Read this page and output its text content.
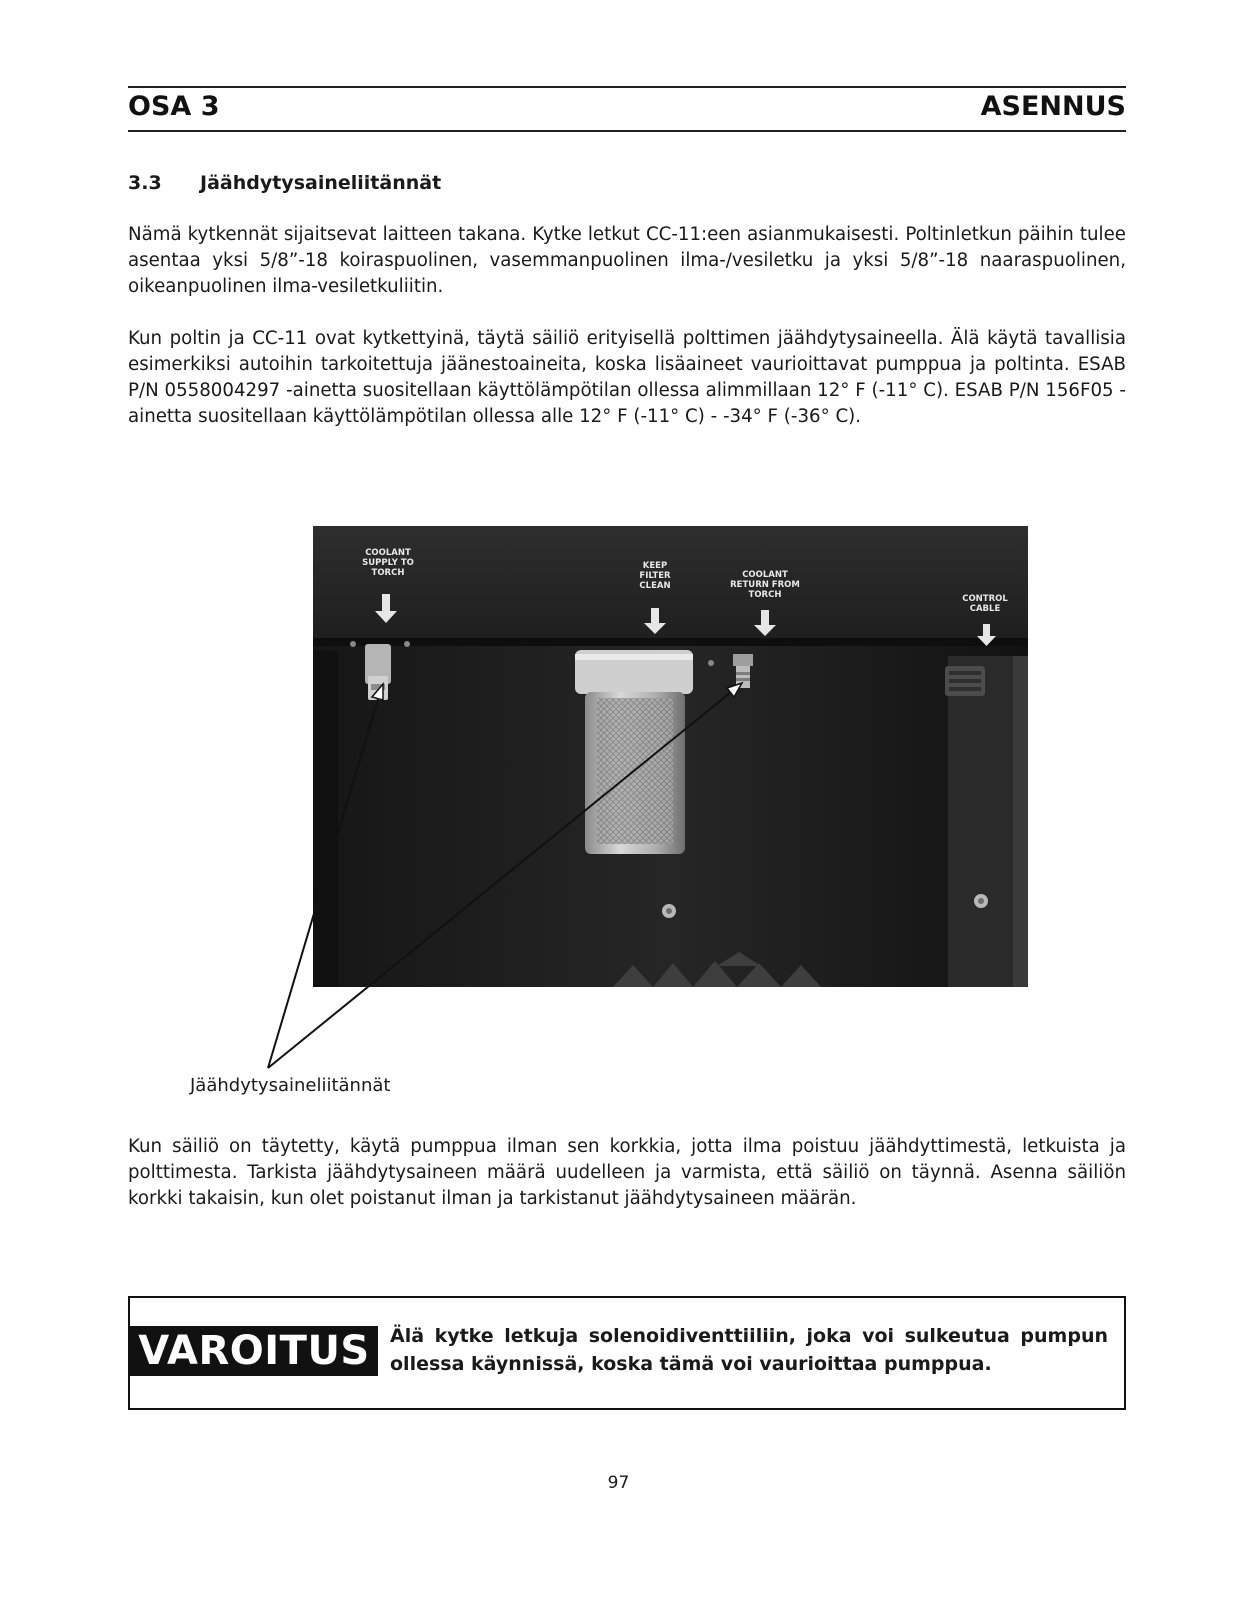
OSA 3	ASENNUS
3.3 Jäähdytysaineliitännät

Nämä kytkennät sijaitsevat laitteen takana. Kytke letkut CC-11:een asianmukaisesti. Poltinletkun päihin tulee asentaa yksi 5/8”-18 koiraspuolinen, vasemmanpuolinen ilma-/vesiletku ja yksi 5/8”-18 naaraspuolinen, oikeanpuolinen ilma-vesiletkuliitin.

Kun poltin ja CC-11 ovat kytkettyinä, täytä säiliö erityisellä polttimen jäähdytysaineella. Älä käytä tavallisia esimerkiksi autoihin tarkoitettuja jäänestoaineita, koska lisäaineet vaurioittavat pumppua ja poltinta. ESAB P/N 0558004297 -ainetta suositellaan käyttölämpötilan ollessa alimmillaan 12° F (-11° C). ESAB P/N 156F05 -ainetta suositellaan käyttölämpötilan ollessa alle 12° F (-11° C) - -34° F (-36° C).

COOLANT
SUPPLY TO
TORCH
KEEP
FILTER
CLEAN
COOLANT
RETURN FROM
TORCH	CONTROL
CABLE
Jäähdytysaineliitännät

Kun säiliö on täytetty, käytä pumppua ilman sen korkkia, jotta ilma poistuu jäähdyttimestä, letkuista ja polttimesta. Tarkista jäähdytysaineen määrä uudelleen ja varmista, että säiliö on täynnä. Asenna säiliön korkki takaisin, kun olet poistanut ilman ja tarkistanut jäähdytysaineen määrän.

VAROITUS	Älä kytke letkuja solenoidiventtiiliin, joka voi sulkeutua pumpun ollessa käynnissä, koska tämä voi vaurioittaa pumppua.

97
